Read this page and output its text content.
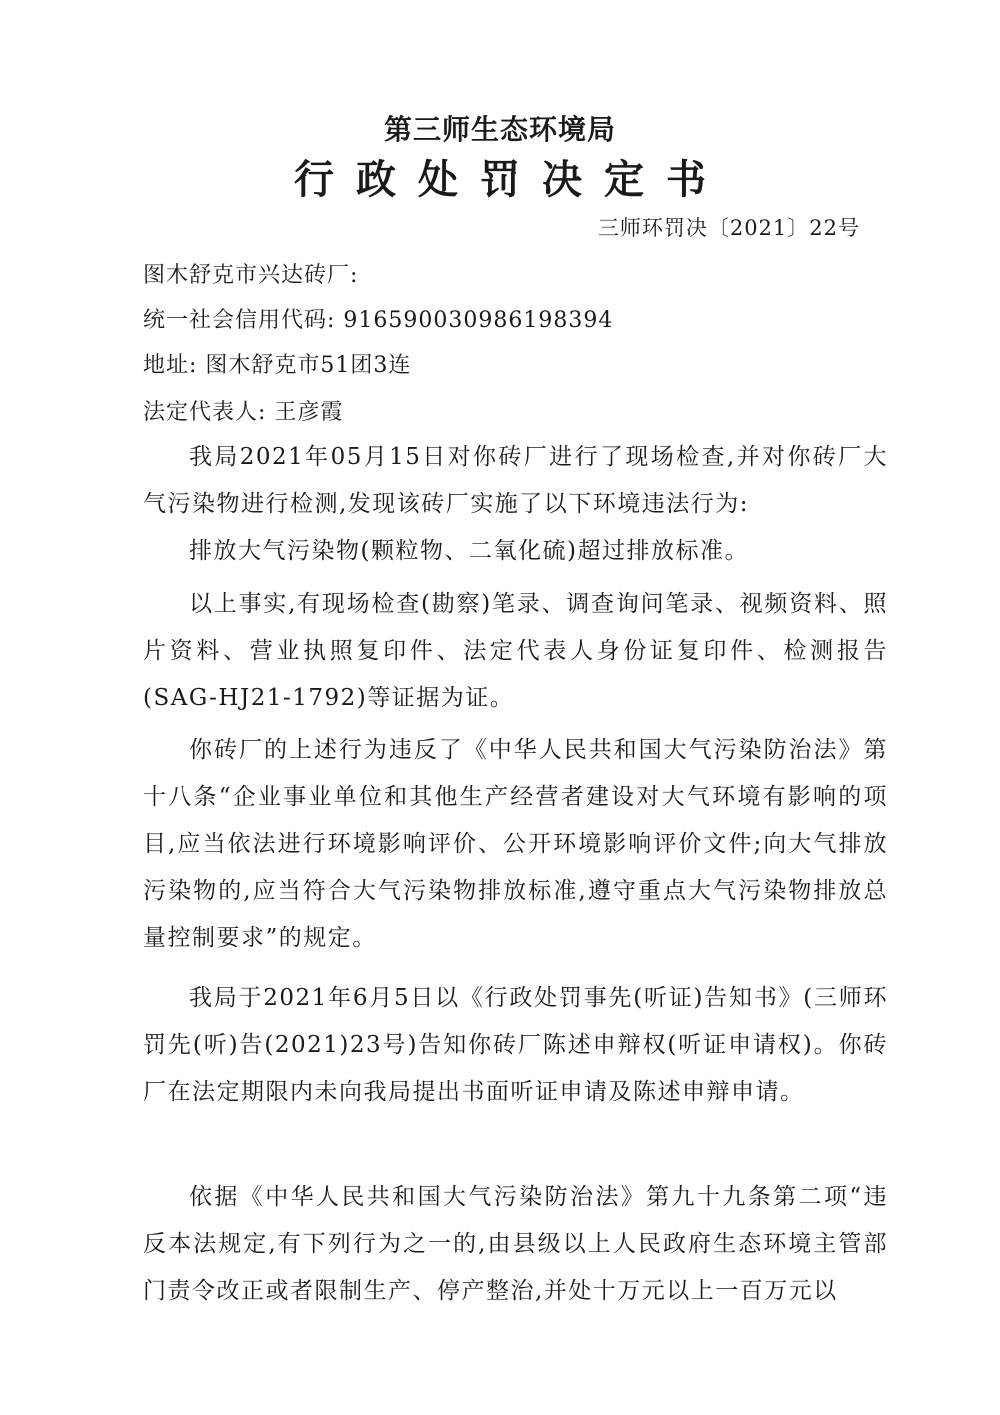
第三师生态环境局
行政处罚决定书
三师环罚决〔2021〕22号
图木舒克市兴达砖厂:
统一社会信用代码: 916590030986198394
地址: 图木舒克市51团3连
法定代表人: 王彦霞
我局2021年05月15日对你砖厂进行了现场检查,并对你砖厂大气污染物进行检测,发现该砖厂实施了以下环境违法行为:
排放大气污染物(颗粒物、二氧化硫)超过排放标准。
以上事实,有现场检查(勘察)笔录、调查询问笔录、视频资料、照片资料、营业执照复印件、法定代表人身份证复印件、检测报告(SAG-HJ21-1792)等证据为证。
你砖厂的上述行为违反了《中华人民共和国大气污染防治法》第十八条“企业事业单位和其他生产经营者建设对大气环境有影响的项目,应当依法进行环境影响评价、公开环境影响评价文件;向大气排放污染物的,应当符合大气污染物排放标准,遵守重点大气污染物排放总量控制要求”的规定。
我局于2021年6月5日以《行政处罚事先(听证)告知书》(三师环罚先(听)告(2021)23号)告知你砖厂陈述申辩权(听证申请权)。你砖厂在法定期限内未向我局提出书面听证申请及陈述申辩申请。
依据《中华人民共和国大气污染防治法》第九十九条第二项“违反本法规定,有下列行为之一的,由县级以上人民政府生态环境主管部门责令改正或者限制生产、停产整治,并处十万元以上一百万元以
